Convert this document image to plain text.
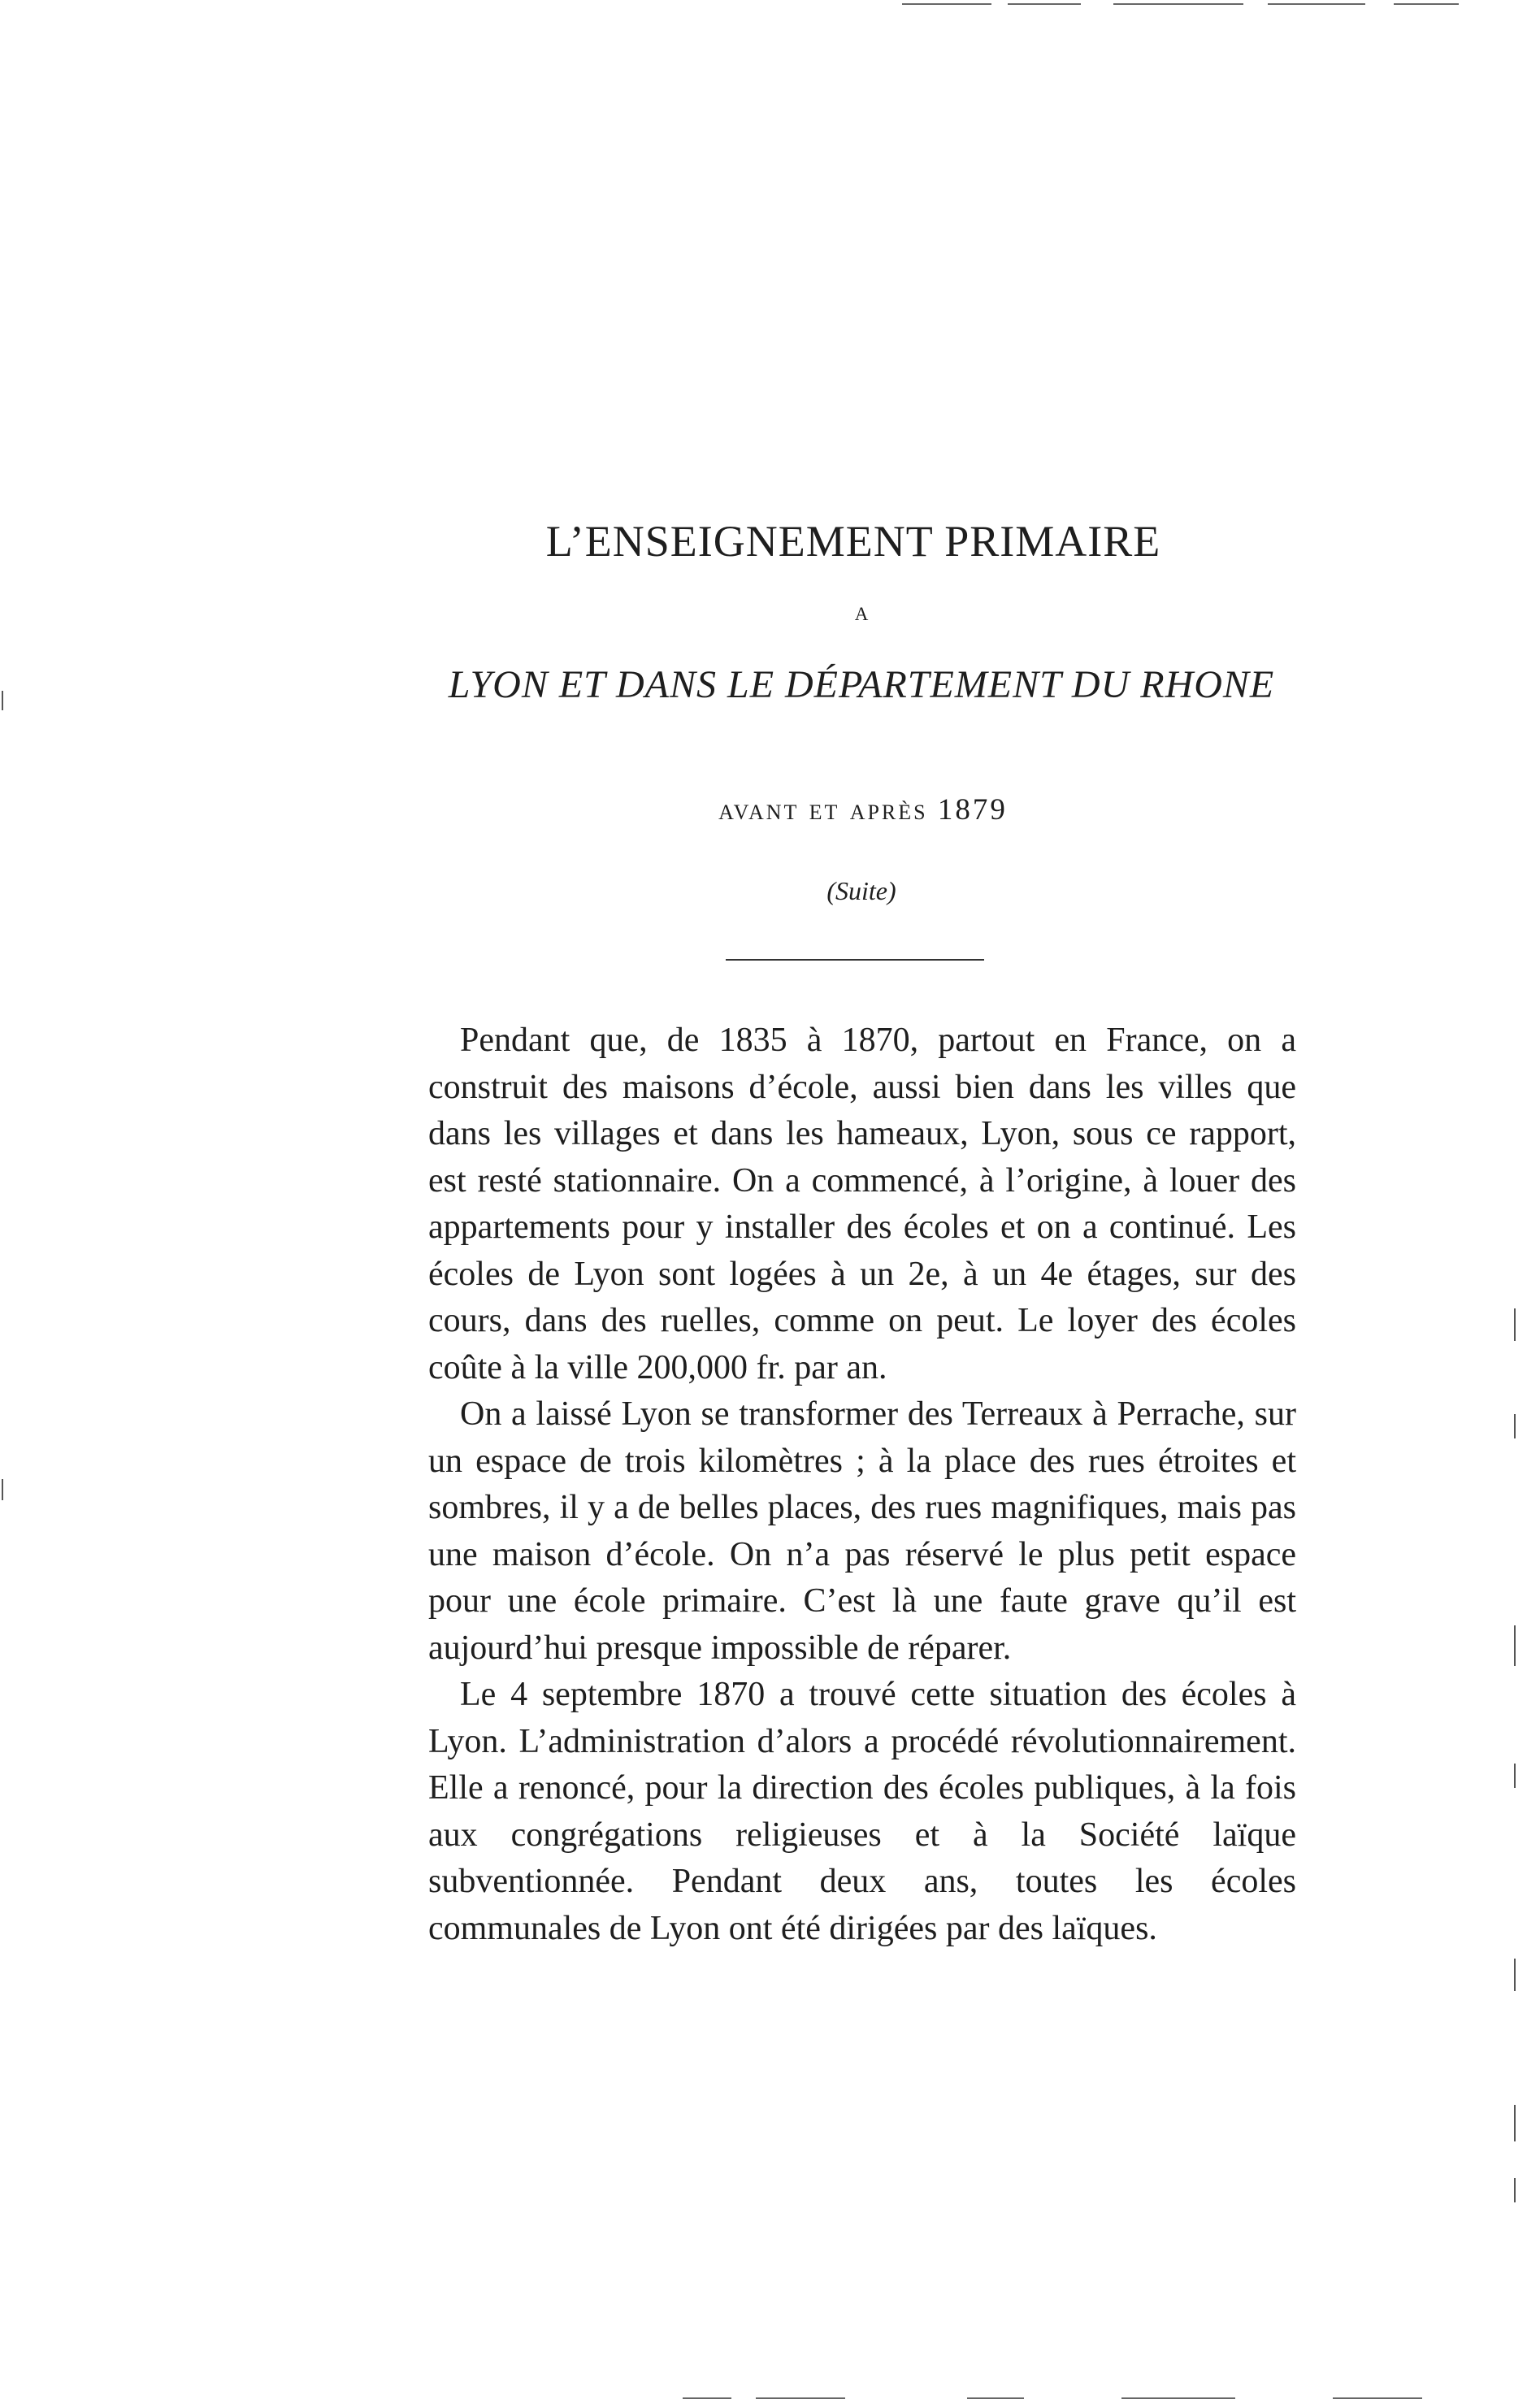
L’ENSEIGNEMENT PRIMAIRE
A
LYON ET DANS LE DÉPARTEMENT DU RHONE
avant et après 1879
(Suite)

Pendant que, de 1835 à 1870, partout en France, on a construit des maisons d’école, aussi bien dans les villes que dans les villages et dans les hameaux, Lyon, sous ce rapport, est resté stationnaire. On a commencé, à l’origine, à louer des appartements pour y installer des écoles et on a continué. Les écoles de Lyon sont logées à un 2e, à un 4e étages, sur des cours, dans des ruelles, comme on peut. Le loyer des écoles coûte à la ville 200,000 fr. par an.

On a laissé Lyon se transformer des Terreaux à Perrache, sur un espace de trois kilomètres ; à la place des rues étroites et sombres, il y a de belles places, des rues magnifiques, mais pas une maison d’école. On n’a pas réservé le plus petit espace pour une école primaire. C’est là une faute grave qu’il est aujourd’hui presque impossible de réparer.

Le 4 septembre 1870 a trouvé cette situation des écoles à Lyon. L’administration d’alors a procédé révolutionnairement. Elle a renoncé, pour la direction des écoles publiques, à la fois aux congrégations religieuses et à la Société laïque subventionnée. Pendant deux ans, toutes les écoles communales de Lyon ont été dirigées par des laïques.
